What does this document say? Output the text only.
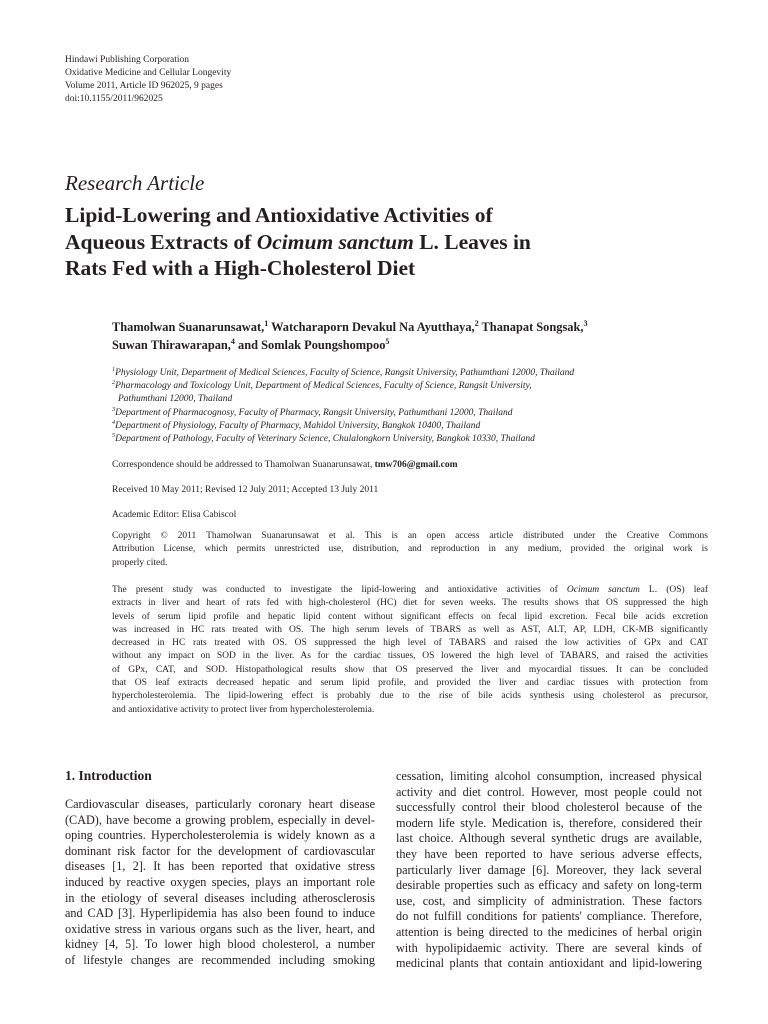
Hindawi Publishing Corporation
Oxidative Medicine and Cellular Longevity
Volume 2011, Article ID 962025, 9 pages
doi:10.1155/2011/962025
Research Article
Lipid-Lowering and Antioxidative Activities of
Aqueous Extracts of Ocimum sanctum L. Leaves in
Rats Fed with a High-Cholesterol Diet
Thamolwan Suanarunsawat,$^1$ Watcharaporn Devakul Na Ayutthaya,$^2$ Thanapat Songsak,$^3$
Suwan Thirawarapan,$^4$ and Somlak Poungshompoo$^5$
$^1$Physiology Unit, Department of Medical Sciences, Faculty of Science, Rangsit University, Pathumthani 12000, Thailand
$^2$Pharmacology and Toxicology Unit, Department of Medical Sciences, Faculty of Science, Rangsit University,
Pathumthani 12000, Thailand
$^3$Department of Pharmacognosy, Faculty of Pharmacy, Rangsit University, Pathumthani 12000, Thailand
$^4$Department of Physiology, Faculty of Pharmacy, Mahidol University, Bangkok 10400, Thailand
$^5$Department of Pathology, Faculty of Veterinary Science, Chulalongkorn University, Bangkok 10330, Thailand
Correspondence should be addressed to Thamolwan Suanarunsawat, tmw706@gmail.com
Received 10 May 2011; Revised 12 July 2011; Accepted 13 July 2011
Academic Editor: Elisa Cabiscol
Copyright © 2011 Thamolwan Suanarunsawat et al. This is an open access article distributed under the Creative Commons
Attribution License, which permits unrestricted use, distribution, and reproduction in any medium, provided the original work is
properly cited.
The present study was conducted to investigate the lipid-lowering and antioxidative activities of Ocimum sanctum L. (OS) leaf
extracts in liver and heart of rats fed with high-cholesterol (HC) diet for seven weeks. The results shows that OS suppressed the high
levels of serum lipid profile and hepatic lipid content without significant effects on fecal lipid excretion. Fecal bile acids excretion
was increased in HC rats treated with OS. The high serum levels of TBARS as well as AST, ALT, AP, LDH, CK-MB significantly
decreased in HC rats treated with OS. OS suppressed the high level of TABARS and raised the low activities of GPx and CAT
without any impact on SOD in the liver. As for the cardiac tissues, OS lowered the high level of TABARS, and raised the activities
of GPx, CAT, and SOD. Histopathological results show that OS preserved the liver and myocardial tissues. It can be concluded
that OS leaf extracts decreased hepatic and serum lipid profile, and provided the liver and cardiac tissues with protection from
hypercholesterolemia. The lipid-lowering effect is probably due to the rise of bile acids synthesis using cholesterol as precursor,
and antioxidative activity to protect liver from hypercholesterolemia.
1. Introduction
Cardiovascular diseases, particularly coronary heart disease
(CAD), have become a growing problem, especially in devel-
oping countries. Hypercholesterolemia is widely known as a
dominant risk factor for the development of cardiovascular
diseases [1, 2]. It has been reported that oxidative stress
induced by reactive oxygen species, plays an important role
in the etiology of several diseases including atherosclerosis
and CAD [3]. Hyperlipidemia has also been found to induce
oxidative stress in various organs such as the liver, heart, and
kidney [4, 5]. To lower high blood cholesterol, a number
of lifestyle changes are recommended including smoking
cessation, limiting alcohol consumption, increased physical
activity and diet control. However, most people could not
successfully control their blood cholesterol because of the
modern life style. Medication is, therefore, considered their
last choice. Although several synthetic drugs are available,
they have been reported to have serious adverse effects,
particularly liver damage [6]. Moreover, they lack several
desirable properties such as efficacy and safety on long-term
use, cost, and simplicity of administration. These factors
do not fulfill conditions for patients' compliance. Therefore,
attention is being directed to the medicines of herbal origin
with hypolipidaemic activity. There are several kinds of
medicinal plants that contain antioxidant and lipid-lowering
